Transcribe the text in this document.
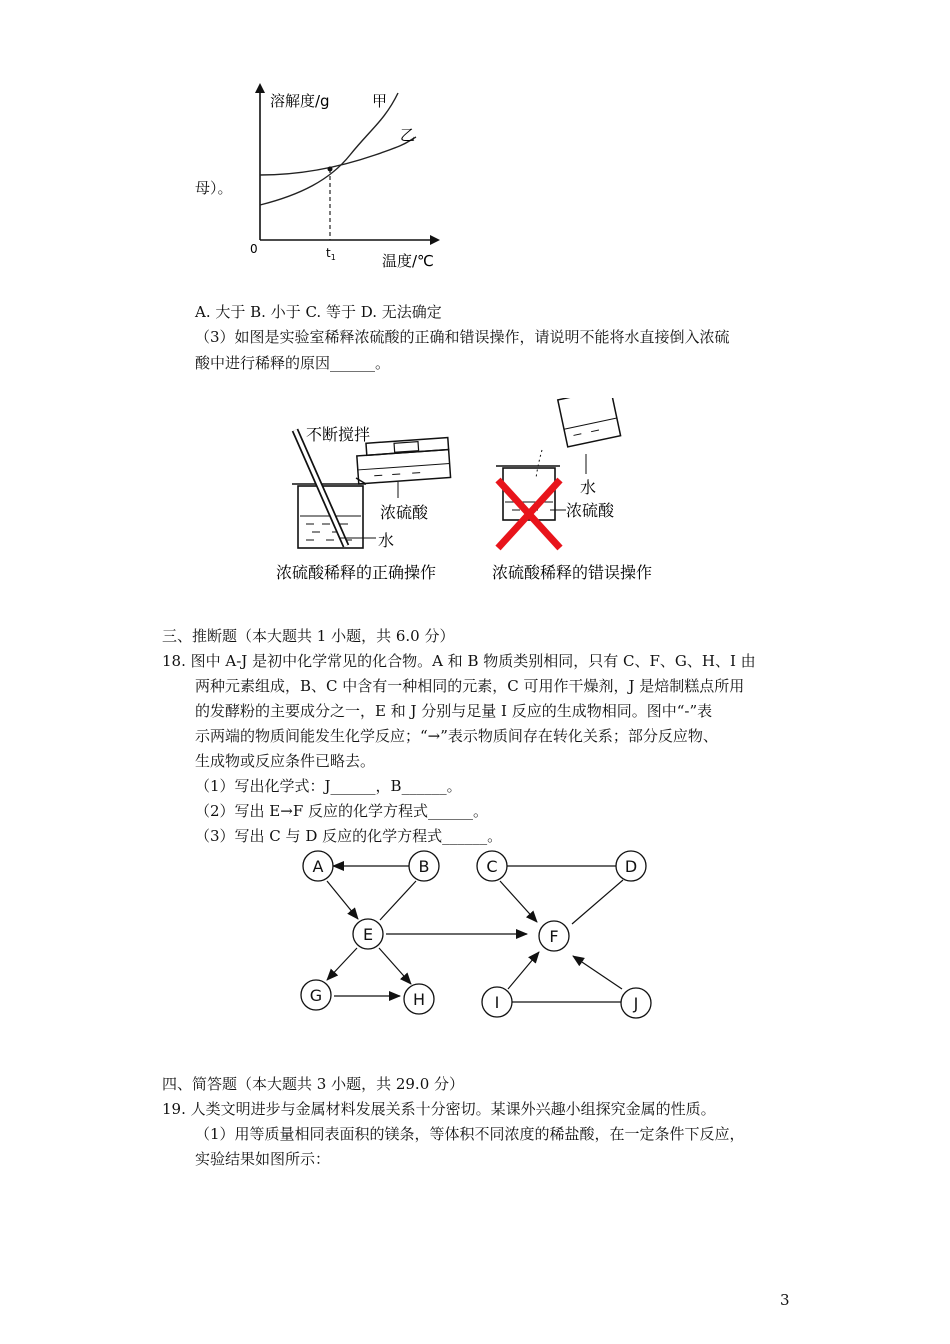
溶解度/g	甲
乙
0	$t_1$	温度/℃
母）。
A. 大于 B. 小于 C. 等于 D. 无法确定
（3）如图是实验室稀释浓硫酸的正确和错误操作，请说明不能将水直接倒入浓硫
酸中进行稀释的原因______。
不断搅拌
浓硫酸
水
浓硫酸稀释的正确操作
水
浓硫酸
浓硫酸稀释的错误操作
三、推断题（本大题共 1 小题，共 6.0 分）
18. 图中 A-J 是初中化学常见的化合物。A 和 B 物质类别相同，只有 C、F、G、H、I 由
两种元素组成，B、C 中含有一种相同的元素，C 可用作干燥剂，J 是焙制糕点所用
的发酵粉的主要成分之一，E 和 J 分别与足量 I 反应的生成物相同。图中“-”表
示两端的物质间能发生化学反应；“→”表示物质间存在转化关系；部分反应物、
生成物或反应条件已略去。
（1）写出化学式：J______，B______。
（2）写出 E→F 反应的化学方程式______。
（3）写出 C 与 D 反应的化学方程式______。
A	B	C	D
E	F
G	H	I	J
四、简答题（本大题共 3 小题，共 29.0 分）
19. 人类文明进步与金属材料发展关系十分密切。某课外兴趣小组探究金属的性质。
（1）用等质量相同表面积的镁条，等体积不同浓度的稀盐酸，在一定条件下反应，
实验结果如图所示：
3
